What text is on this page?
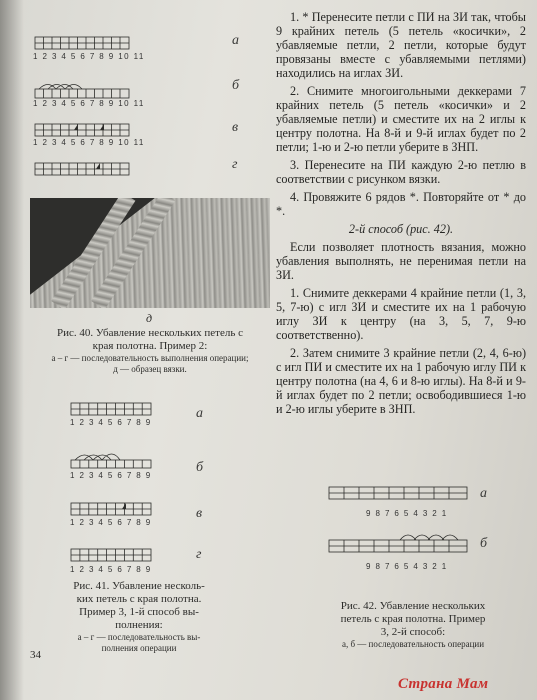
а
1 2 3 4 5 6 7 8 9 10 11
б
1 2 3 4 5 6 7 8 9 10 11
в
1 2 3 4 5 6 7 8 9 10 11
г
д
Рис. 40. Убавление нескольких петель с
края полотна. Пример 2:
а – г — последовательность выполнения операции;
д — образец вязки.
а
1 2 3 4 5 6 7 8 9
б
1 2 3 4 5 6 7 8 9
в
1 2 3 4 5 6 7 8 9
г
1 2 3 4 5 6 7 8 9
Рис. 41. Убавление несколь-
ких петель с края полотна.
Пример 3, 1-й способ вы-
полнения:
а – г — последовательность вы-
полнения операции
34

1. * Перенесите петли с ПИ на ЗИ так, чтобы 9 крайних петель (5 петель «косички», 2 убавляемые петли, 2 петли, которые будут провязаны вместе с убавляемыми петлями) находились на иглах ЗИ.

2. Снимите многоигольными деккерами 7 крайних петель (5 петель «косички» и 2 убавляемые петли) и сместите их на 2 иглы к центру полотна. На 8-й и 9-й иглах будет по 2 петли; 1-ю и 2-ю петли уберите в ЗНП.

3. Перенесите на ПИ каждую 2-ю петлю в соответствии с рисунком вязки.

4. Провяжите 6 рядов *. Повторяйте от * до *.

2-й способ (рис. 42).

Если позволяет плотность вязания, можно убавления выполнять, не перенимая петли на ЗИ.

1. Снимите деккерами 4 крайние петли (1, 3, 5, 7-ю) с игл ЗИ и сместите их на 1 рабочую иглу ЗИ к центру (на 3, 5, 7, 9-ю соответственно).

2. Затем снимите 3 крайние петли (2, 4, 6-ю) с игл ПИ и сместите их на 1 рабочую иглу ПИ к центру полотна (на 4, 6 и 8-ю иглы). На 8-й и 9-й иглах будет по 2 петли; освободившиеся 1-ю и 2-ю иглы уберите в ЗНП.

а
9 8 7 6 5 4 3 2 1
б
9 8 7 6 5 4 3 2 1
Рис. 42. Убавление нескольких
петель с края полотна. Пример
3, 2-й способ:
а, б — последовательность операции
Страна Мам
